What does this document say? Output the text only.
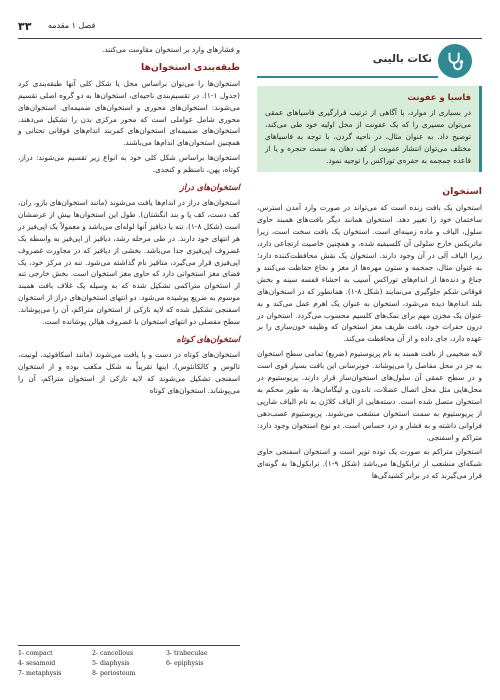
۳۳ فصل ۱ مقدمه

و فشارهای وارد بر استخوان مقاومت می‌کنند.

طبقه‌بندی استخوان‌ها

استخوان‌ها را می‌توان براساس محل یا شکل کلی آنها طبقه‌بندی کرد (جدول ۱-۱). در تقسیم‌بندی ناحیه‌ای، استخوان‌ها به دو گروه اصلی تقسیم می‌شوند: استخوان‌های محوری و استخوان‌های ضمیمه‌ای. استخوان‌های محوری شامل عواملی است که محور مرکزی بدن را تشکیل می‌دهند. استخوان‌های ضمیمه‌ای استخوان‌های کمربند اندام‌های فوقانی تحتانی و همچنین استخوان‌های اندام‌ها می‌باشند.

استخوان‌ها براساس شکل کلی خود به انواع زیر تقسیم می‌شوند: دراز، کوتاه، پهن، نامنظم و کنجدی.

استخوان‌های دراز

استخوان‌های دراز در اندام‌ها یافت می‌شوند (مانند استخوان‌های بازو، ران، کف دست، کف پا و بند انگشتان). طول این استخوان‌ها بیش از عرضشان است (شکل ۸-۱). تنه یا دیافیز آنها لوله‌ای می‌باشد و معمولاً یک اپی‌فیز در هر انتهای خود دارند. در طی مرحله رشد، دیافیز از اپی‌فیز به واسطه یک غضروف اپی‌فیزی جدا می‌باشد. بخشی از دیافیز که در مجاورت غضروف اپی‌فیزی قرار می‌گیرد، متافیز نام گذاشته می‌شود. تنه در مرکز خود، یک فضای مغز استخوانی دارد که حاوی مغز استخوان است. بخش خارجی تنه از استخوان متراکمی تشکیل شده که به وسیله یک غلاف بافت همبند موسوم به ضریع پوشیده می‌شود. دو انتهای استخوان‌های دراز از استخوان اسفنجی تشکیل شده که لایه نازکی از استخوان متراکم، آن را می‌پوشاند. سطح مفصلی دو انتهای استخوان با غضروف هیالن پوشانده است.

استخوان‌های کوتاه

استخوان‌های کوتاه در دست و پا یافت می‌شوند (مانند اسکافوئید، لونیت، تالوس و کالکانئوس). اینها تقریباً به شکل مکعب بوده و از استخوان اسفنجی تشکیل می‌شوند که لایه نازکی از استخوان متراکم، آن را می‌پوشاند. استخوان‌های کوتاه

نکات بالینی
فاسیا و عفونت

در بسیاری از موارد، با آگاهی از ترتیب قرارگیری فاسیاهای عمقی می‌توان مسیری را که یک عفونت از محل اولیه خود طی می‌کند، توضیح داد. به عنوان مثال، در ناحیه گردن، با توجه به فاسیاهای مختلف می‌توان انتشار عفونت از کف دهان به سمت حنجره و یا از قاعده جمجمه به حفره‌ی توراکس را توجیه نمود.

استخوان

استخوان یک بافت زنده است که می‌تواند در صورت وارد آمدن استرس، ساختمان خود را تغییر دهد. استخوان همانند دیگر بافت‌های همبند حاوی سلول، الیاف و ماده زمینه‌ای است. استخوان یک بافت سخت است، زیرا ماتریکس خارج سلولی آن کلسیفیه شده، و همچنین خاصیت ارتجاعی دارد، زیرا الیاف آلی در آن وجود دارند. استخوان یک نقش محافظت‌کننده دارد؛ به عنوان مثال، جمجمه و ستون مهره‌ها از مغز و نخاع حفاظت می‌کنند و جناغ و دنده‌ها از اندام‌های توراکس آسیب به احشاء قفسه سینه و بخش فوقانی شکم جلوگیری می‌نمایند (شکل ۸-۱). همانطور که در استخوان‌های بلند اندام‌ها دیده می‌شود، استخوان به عنوان یک اهرم عمل می‌کند و به عنوان یک مخزن مهم برای نمک‌های کلسیم محسوب می‌گردد. استخوان در درون حفرات خود، بافت ظریف مغز استخوان که وظیفه خون‌سازی را بر عهده دارد، جای داده و از آن محافظت می‌کند.

لایه ضخیمی از بافت همبند به نام پریوستیوم (ضریع) تمامی سطح استخوان به جز در محل مفاصل را می‌پوشاند. خونرسانی این بافت بسیار قوی است و در سطح عمقی آن سلول‌های استخوان‌ساز قرار دارند. پریوستیوم در محل‌هایی مثل محل اتصال عضلات، تاندون و لیگامان‌ها، به طور محکم به استخوان متصل شده است. دسته‌هایی از الیاف کلاژن به نام الیاف شارپی از پریوستیوم به سمت استخوان منشعب می‌شوند. پریوستیوم عصب‌دهی فراوانی داشته و به فشار و درد حساس است. دو نوع استخوان وجود دارد: متراکم و اسفنجی.

استخوان متراکم به صورت یک توده توپر است و استخوان اسفنجی حاوی شبکه‌ای منشعب از ترابکول‌ها می‌باشد (شکل ۹-۱). ترابکول‌ها به گونه‌ای قرار می‌گیرند که در برابر کشیدگی‌ها

1- compact	2- cancellous	3- trabeculae
4- sesamoid	5- diaphysis	6- epiphysis
7- metaphysis	8- periosteum
